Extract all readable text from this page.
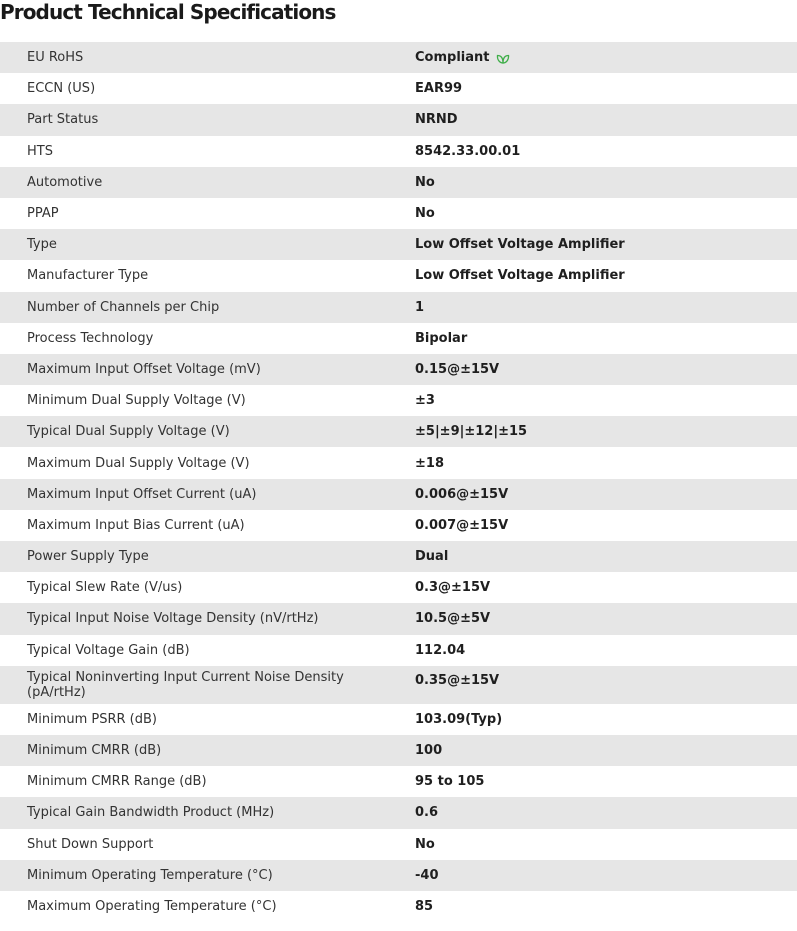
Product Technical Specifications
EU RoHS	Compliant
ECCN (US)	EAR99
Part Status	NRND
HTS	8542.33.00.01
Automotive	No
PPAP	No
Type	Low Offset Voltage Amplifier
Manufacturer Type	Low Offset Voltage Amplifier
Number of Channels per Chip	1
Process Technology	Bipolar
Maximum Input Offset Voltage (mV)	0.15@±15V
Minimum Dual Supply Voltage (V)	±3
Typical Dual Supply Voltage (V)	±5|±9|±12|±15
Maximum Dual Supply Voltage (V)	±18
Maximum Input Offset Current (uA)	0.006@±15V
Maximum Input Bias Current (uA)	0.007@±15V
Power Supply Type	Dual
Typical Slew Rate (V/us)	0.3@±15V
Typical Input Noise Voltage Density (nV/rtHz)	10.5@±5V
Typical Voltage Gain (dB)	112.04
Typical Noninverting Input Current Noise Density (pA/rtHz)	0.35@±15V
Minimum PSRR (dB)	103.09(Typ)
Minimum CMRR (dB)	100
Minimum CMRR Range (dB)	95 to 105
Typical Gain Bandwidth Product (MHz)	0.6
Shut Down Support	No
Minimum Operating Temperature (°C)	-40
Maximum Operating Temperature (°C)	85
